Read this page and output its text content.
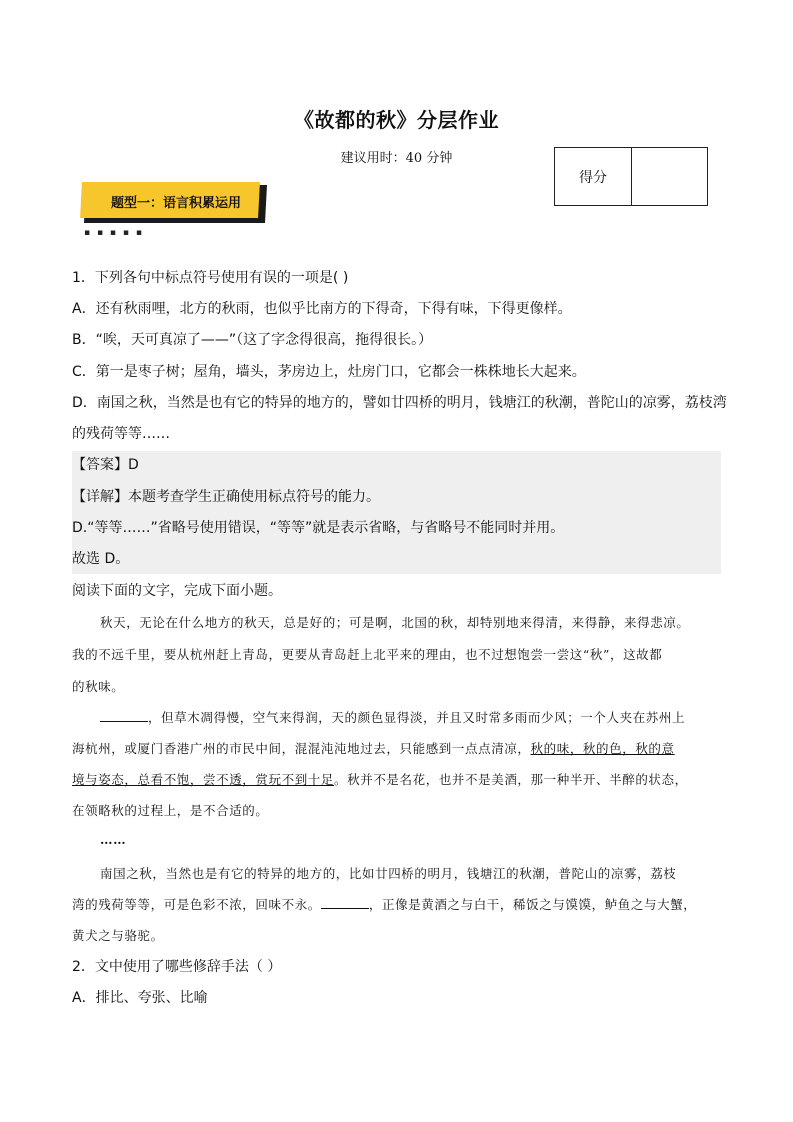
《故都的秋》分层作业
建议用时：40 分钟
得分
题型一：语言积累运用
▪ ▪ ▪ ▪ ▪
1．下列各句中标点符号使用有误的一项是( )
A．还有秋雨哩，北方的秋雨，也似乎比南方的下得奇，下得有味，下得更像样。
B．“唉，天可真凉了——”（这了字念得很高，拖得很长。）
C．第一是枣子树；屋角，墙头，茅房边上，灶房门口，它都会一株株地长大起来。
D．南国之秋，当然是也有它的特异的地方的，譬如廿四桥的明月，钱塘江的秋潮，普陀山的凉雾，荔枝湾
的残荷等等……
【答案】D
【详解】本题考查学生正确使用标点符号的能力。
D.“等等……”省略号使用错误，“等等”就是表示省略，与省略号不能同时并用。
故选 D。
阅读下面的文字，完成下面小题。
秋天，无论在什么地方的秋天，总是好的；可是啊，北国的秋，却特别地来得清，来得静，来得悲凉。
我的不远千里，要从杭州赶上青岛，更要从青岛赶上北平来的理由，也不过想饱尝一尝这“秋”，这故都
的秋味。
，但草木凋得慢，空气来得润，天的颜色显得淡，并且又时常多雨而少风；一个人夹在苏州上
海杭州，或厦门香港广州的市民中间，混混沌沌地过去，只能感到一点点清凉，秋的味，秋的色，秋的意
境与姿态，总看不饱，尝不透，赏玩不到十足。秋并不是名花，也并不是美酒，那一种半开、半醉的状态，
在领略秋的过程上，是不合适的。
……
南国之秋，当然也是有它的特异的地方的，比如廿四桥的明月，钱塘江的秋潮，普陀山的凉雾，荔枝
湾的残荷等等，可是色彩不浓，回味不永。	，正像是黄酒之与白干，稀饭之与馍馍，鲈鱼之与大蟹，
黄犬之与骆驼。
2．文中使用了哪些修辞手法（ ）
A．排比、夸张、比喻
